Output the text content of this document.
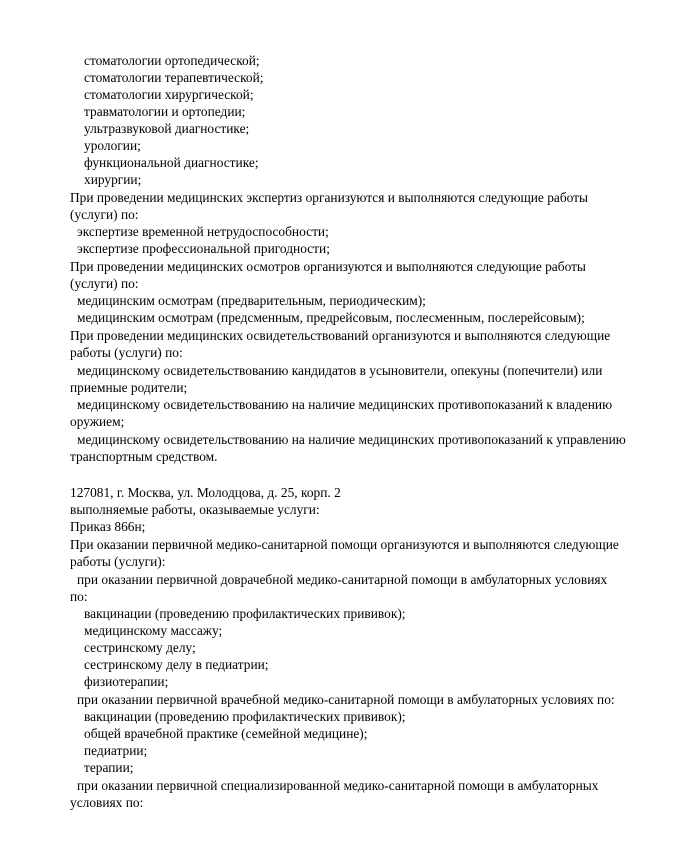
стоматологии ортопедической;
стоматологии терапевтической;
стоматологии хирургической;
травматологии и ортопедии;
ультразвуковой диагностике;
урологии;
функциональной диагностике;
хирургии;
При проведении медицинских экспертиз организуются и выполняются следующие работы
(услуги) по:
экспертизе временной нетрудоспособности;
экспертизе профессиональной пригодности;
При проведении медицинских осмотров организуются и выполняются следующие работы
(услуги) по:
медицинским осмотрам (предварительным, периодическим);
медицинским осмотрам (предсменным, предрейсовым, послесменным, послерейсовым);
При проведении медицинских освидетельствований организуются и выполняются следующие
работы (услуги) по:
медицинскому освидетельствованию кандидатов в усыновители, опекуны (попечители) или
приемные родители;
медицинскому освидетельствованию на наличие медицинских противопоказаний к владению
оружием;
медицинскому освидетельствованию на наличие медицинских противопоказаний к управлению
транспортным средством.
127081, г. Москва, ул. Молодцова, д. 25, корп. 2
выполняемые работы, оказываемые услуги:
Приказ 866н;
При оказании первичной медико-санитарной помощи организуются и выполняются следующие
работы (услуги):
при оказании первичной доврачебной медико-санитарной помощи в амбулаторных условиях
по:
вакцинации (проведению профилактических прививок);
медицинскому массажу;
сестринскому делу;
сестринскому делу в педиатрии;
физиотерапии;
при оказании первичной врачебной медико-санитарной помощи в амбулаторных условиях по:
вакцинации (проведению профилактических прививок);
общей врачебной практике (семейной медицине);
педиатрии;
терапии;
при оказании первичной специализированной медико-санитарной помощи в амбулаторных
условиях по:
